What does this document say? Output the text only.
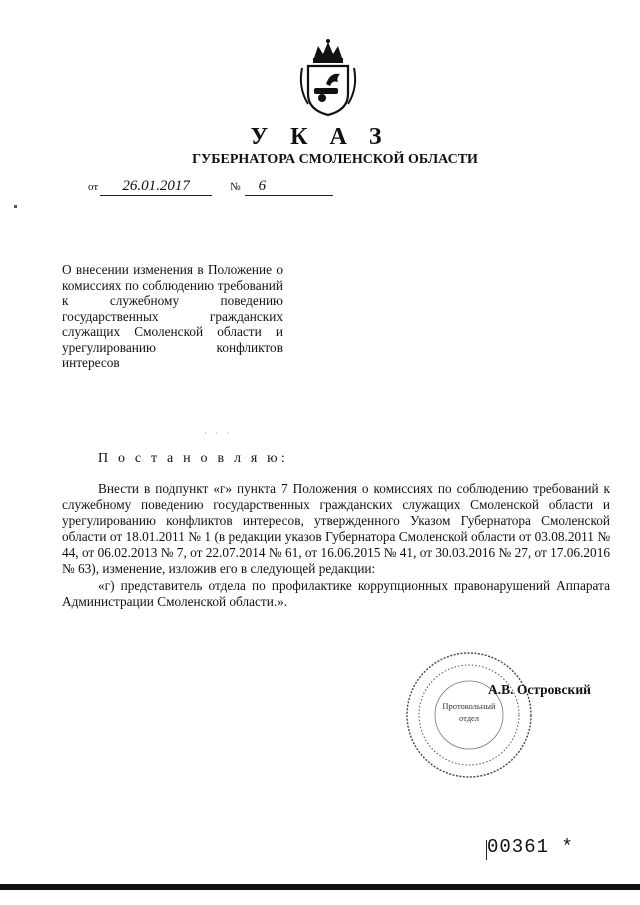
У К А З
ГУБЕРНАТОРА СМОЛЕНСКОЙ ОБЛАСТИ
от 26.01.2017	№ 6
О внесении изменения в Положение о комиссиях по соблюдению требований к служебному поведению государственных гражданских служащих Смоленской области и урегулированию конфликтов интересов
· · ·
П о с т а н о в л я ю:

Внести в подпункт «г» пункта 7 Положения о комиссиях по соблюдению требований к служебному поведению государственных гражданских служащих Смоленской области и урегулированию конфликтов интересов, утвержденного Указом Губернатора Смоленской области от 18.01.2011 № 1 (в редакции указов Губернатора Смоленской области от 03.08.2011 № 44, от 06.02.2013 № 7, от 22.07.2014 № 61, от 16.06.2015 № 41, от 30.03.2016 № 27, от 17.06.2016 № 63), изменение, изложив его в следующей редакции:

«г) представитель отдела по профилактике коррупционных правонарушений Аппарата Администрации Смоленской области.».

Протокольный
отдел
А.В. Островский
00361 *
